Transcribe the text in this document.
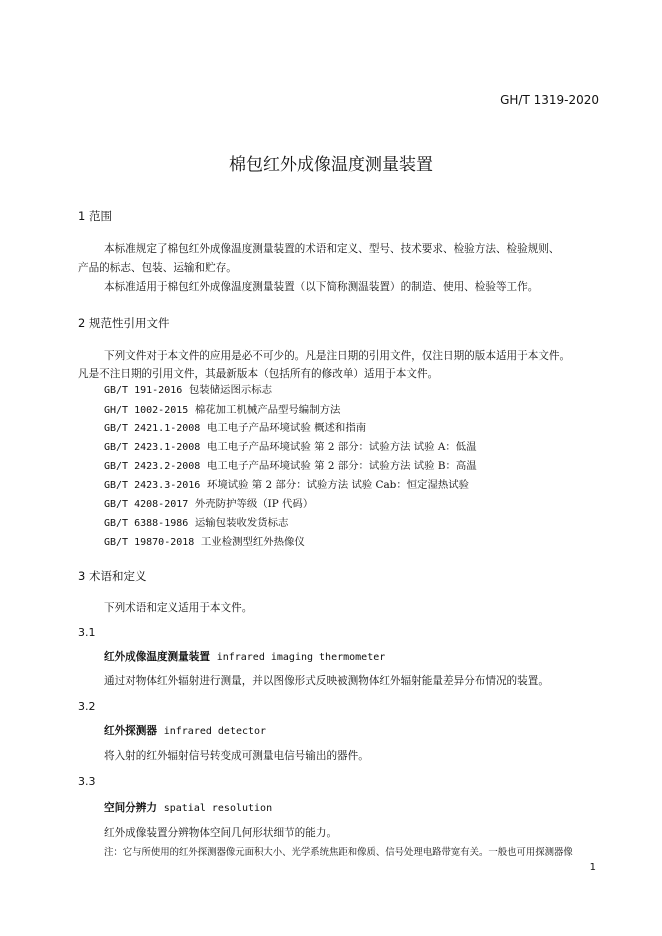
GH/T 1319-2020
棉包红外成像温度测量装置
1 范围
本标准规定了棉包红外成像温度测量装置的术语和定义、型号、技术要求、检验方法、检验规则、
产品的标志、包装、运输和贮存。
本标准适用于棉包红外成像温度测量装置（以下简称测温装置）的制造、使用、检验等工作。
2 规范性引用文件
下列文件对于本文件的应用是必不可少的。凡是注日期的引用文件，仅注日期的版本适用于本文件。
凡是不注日期的引用文件，其最新版本（包括所有的修改单）适用于本文件。
GB/T 191-2016 包装储运图示标志
GH/T 1002-2015 棉花加工机械产品型号编制方法
GB/T 2421.1-2008 电工电子产品环境试验 概述和指南
GB/T 2423.1-2008 电工电子产品环境试验 第 2 部分：试验方法 试验 A：低温
GB/T 2423.2-2008 电工电子产品环境试验 第 2 部分：试验方法 试验 B：高温
GB/T 2423.3-2016 环境试验 第 2 部分：试验方法 试验 Cab：恒定湿热试验
GB/T 4208-2017 外壳防护等级（IP 代码）
GB/T 6388-1986 运输包装收发货标志
GB/T 19870-2018 工业检测型红外热像仪
3 术语和定义
下列术语和定义适用于本文件。
3.1
红外成像温度测量装置 infrared imaging thermometer
通过对物体红外辐射进行测量，并以图像形式反映被测物体红外辐射能量差异分布情况的装置。
3.2
红外探测器 infrared detector
将入射的红外辐射信号转变成可测量电信号输出的器件。
3.3
空间分辨力 spatial resolution
红外成像装置分辨物体空间几何形状细节的能力。
注：它与所使用的红外探测器像元面积大小、光学系统焦距和像质、信号处理电路带宽有关。一般也可用探测器像
1
